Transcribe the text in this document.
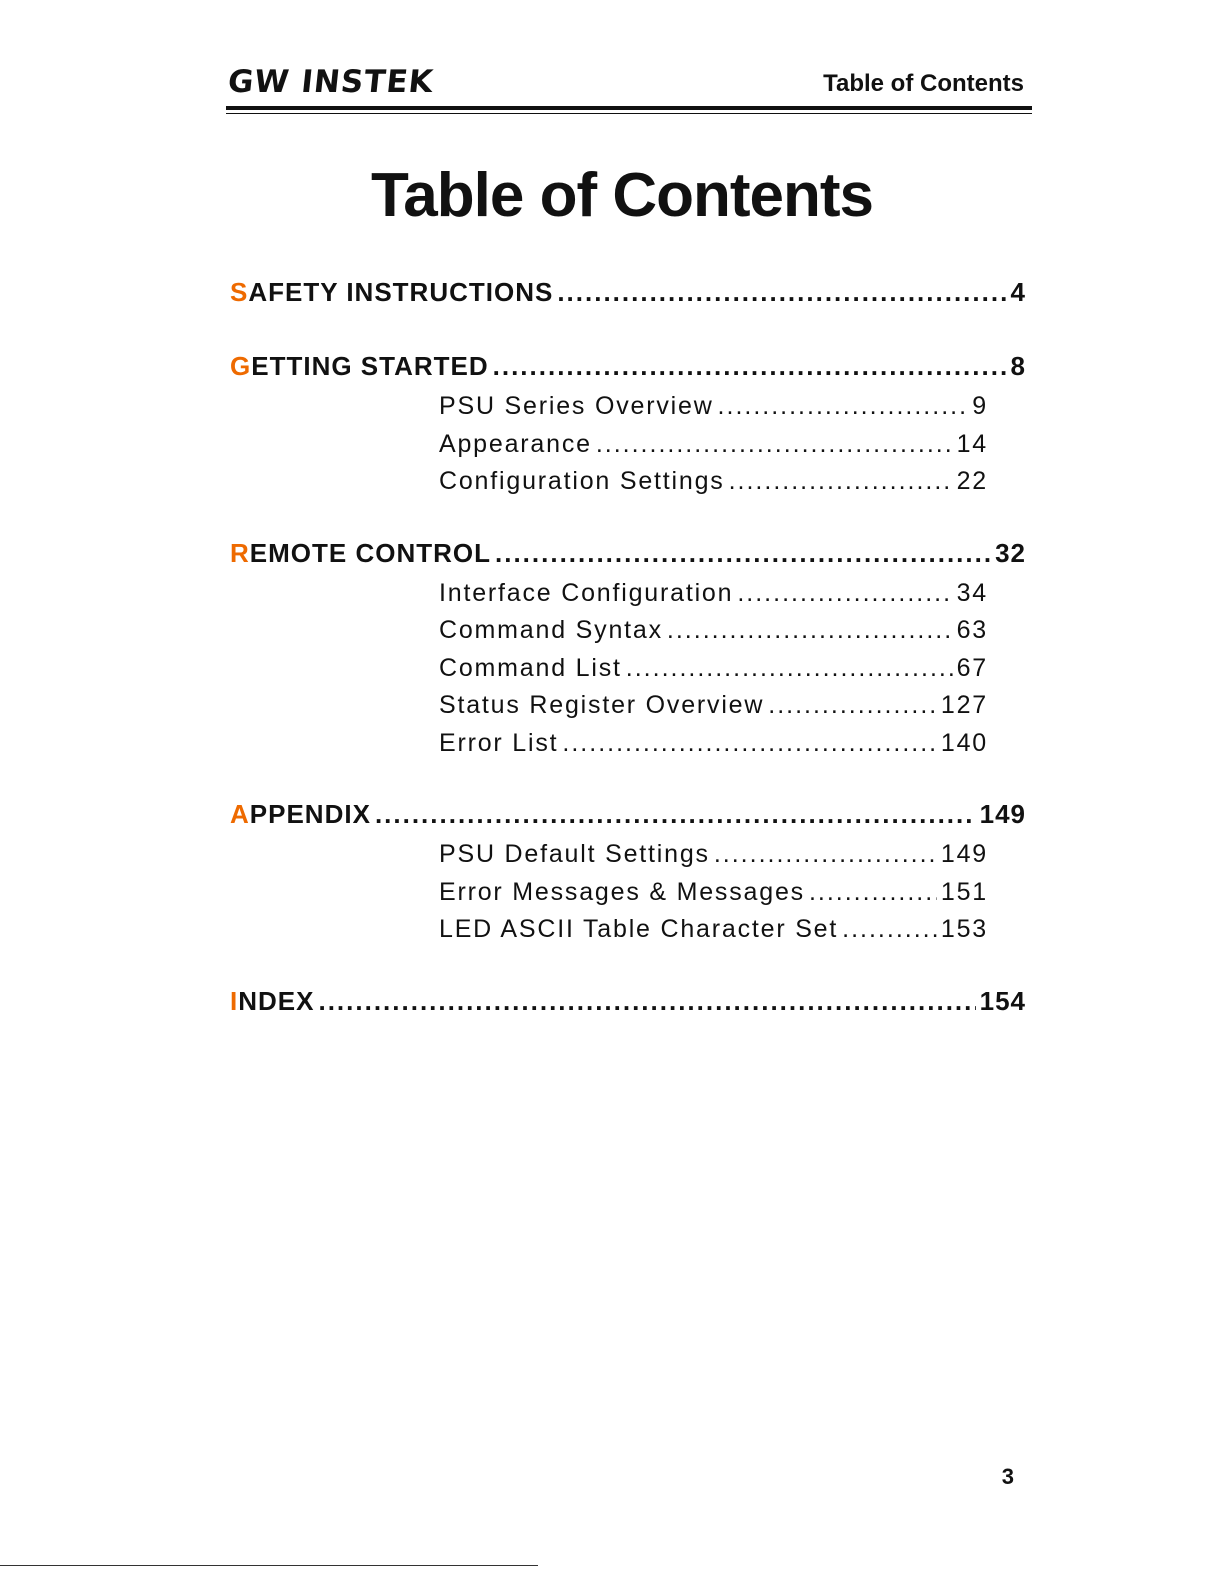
GW INSTEK	Table of Contents
Table of Contents
S AFETY INSTRUCTIONS .....	4
G ETTING STARTED .....	8
PSU Series Overview .....	9
Appearance .....	14
Configuration Settings .....	22
R EMOTE CONTROL .....	32
Interface Configuration .....	34
Command Syntax .....	63
Command List .....	67
Status Register Overview .....	127
Error List .....	140
A PPENDIX .....	149
PSU Default Settings .....	149
Error Messages & Messages .....	151
LED ASCII Table Character Set .....	153
I NDEX .....	154
3
